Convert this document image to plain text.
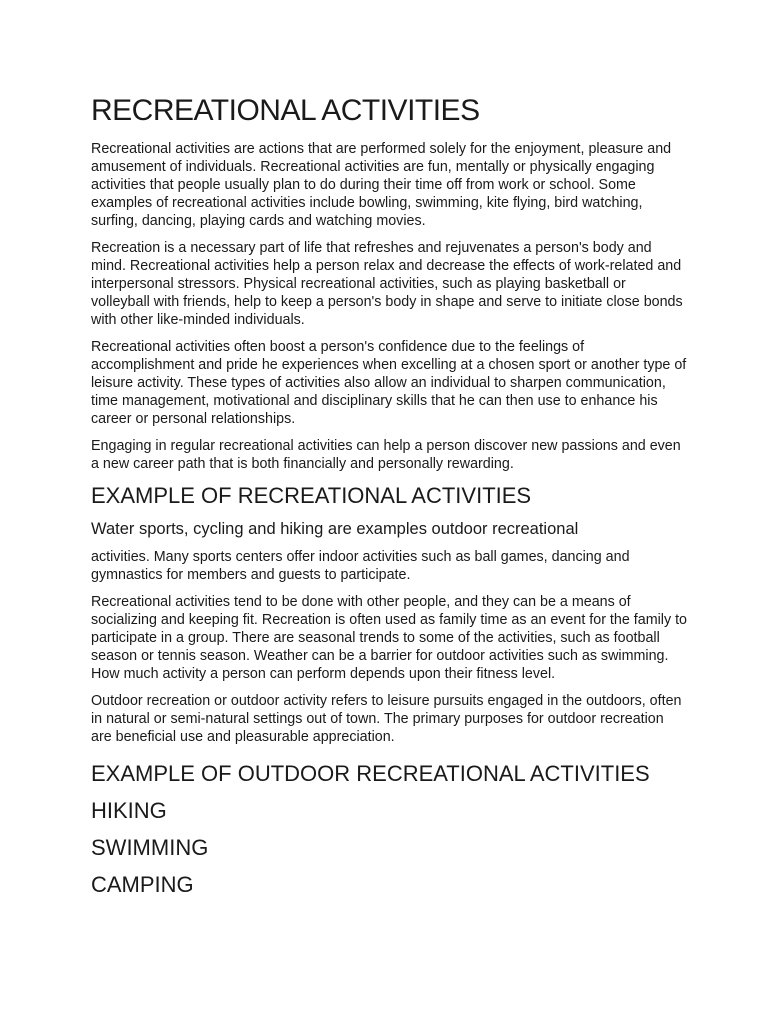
RECREATIONAL ACTIVITIES

Recreational activities are actions that are performed solely for the enjoyment, pleasure and amusement of individuals. Recreational activities are fun, mentally or physically engaging activities that people usually plan to do during their time off from work or school. Some examples of recreational activities include bowling, swimming, kite flying, bird watching, surfing, dancing, playing cards and watching movies.

Recreation is a necessary part of life that refreshes and rejuvenates a person's body and mind. Recreational activities help a person relax and decrease the effects of work-related and interpersonal stressors. Physical recreational activities, such as playing basketball or volleyball with friends, help to keep a person's body in shape and serve to initiate close bonds with other like-minded individuals.

Recreational activities often boost a person's confidence due to the feelings of accomplishment and pride he experiences when excelling at a chosen sport or another type of leisure activity. These types of activities also allow an individual to sharpen communication, time management, motivational and disciplinary skills that he can then use to enhance his career or personal relationships.

Engaging in regular recreational activities can help a person discover new passions and even a new career path that is both financially and personally rewarding.

EXAMPLE OF RECREATIONAL ACTIVITIES

Water sports, cycling and hiking are examples outdoor recreational

activities. Many sports centers offer indoor activities such as ball games, dancing and gymnastics for members and guests to participate.

Recreational activities tend to be done with other people, and they can be a means of socializing and keeping fit. Recreation is often used as family time as an event for the family to participate in a group. There are seasonal trends to some of the activities, such as football season or tennis season. Weather can be a barrier for outdoor activities such as swimming. How much activity a person can perform depends upon their fitness level.

Outdoor recreation or outdoor activity refers to leisure pursuits engaged in the outdoors, often in natural or semi-natural settings out of town. The primary purposes for outdoor recreation are beneficial use and pleasurable appreciation.

EXAMPLE OF OUTDOOR RECREATIONAL ACTIVITIES
HIKING
SWIMMING
CAMPING
